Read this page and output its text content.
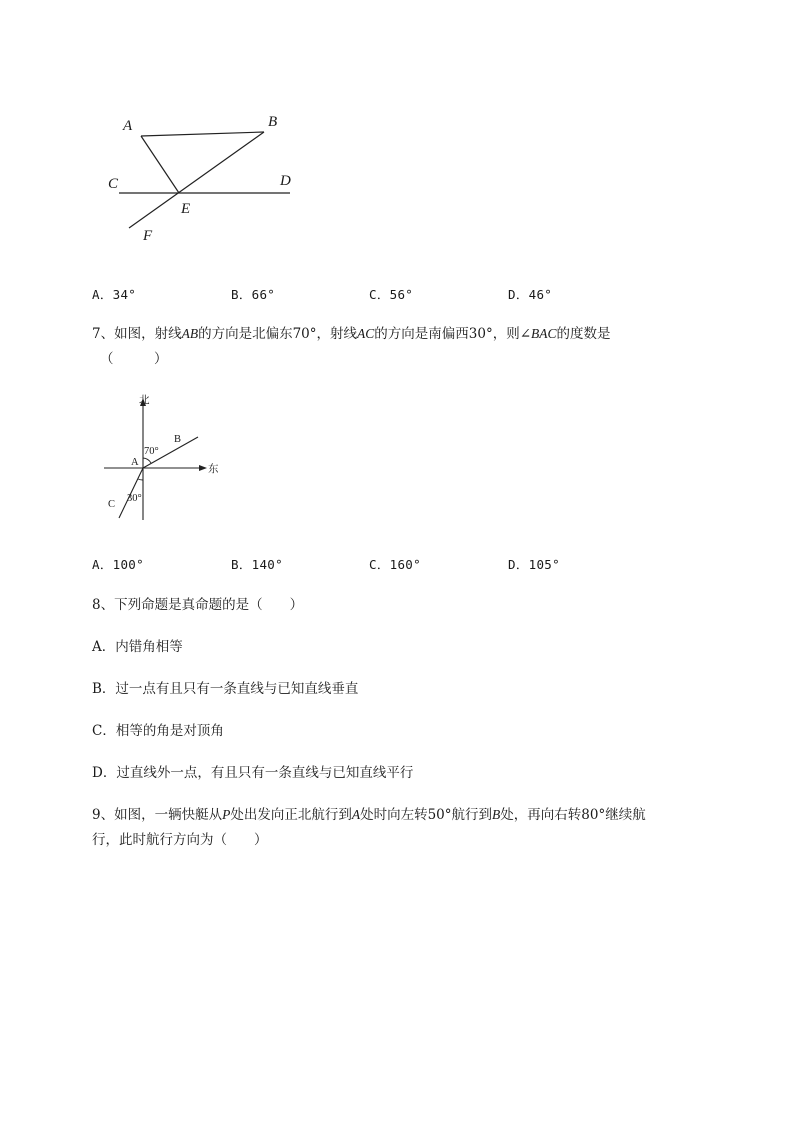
A	B
C	D
E
F
A．34°	B．66°	C．56°	D．46°
7、如图，射线AB的方向是北偏东70°，射线AC的方向是南偏西30°，则∠BAC的度数是
（　　　）
北
东
A
B
C
70°
30°
A．100°	B．140°	C．160°	D．105°
8、下列命题是真命题的是（　　）
A．内错角相等
B．过一点有且只有一条直线与已知直线垂直
C．相等的角是对顶角
D．过直线外一点，有且只有一条直线与已知直线平行
9、如图，一辆快艇从P处出发向正北航行到A处时向左转50°航行到B处，再向右转80°继续航
行，此时航行方向为（　　）
